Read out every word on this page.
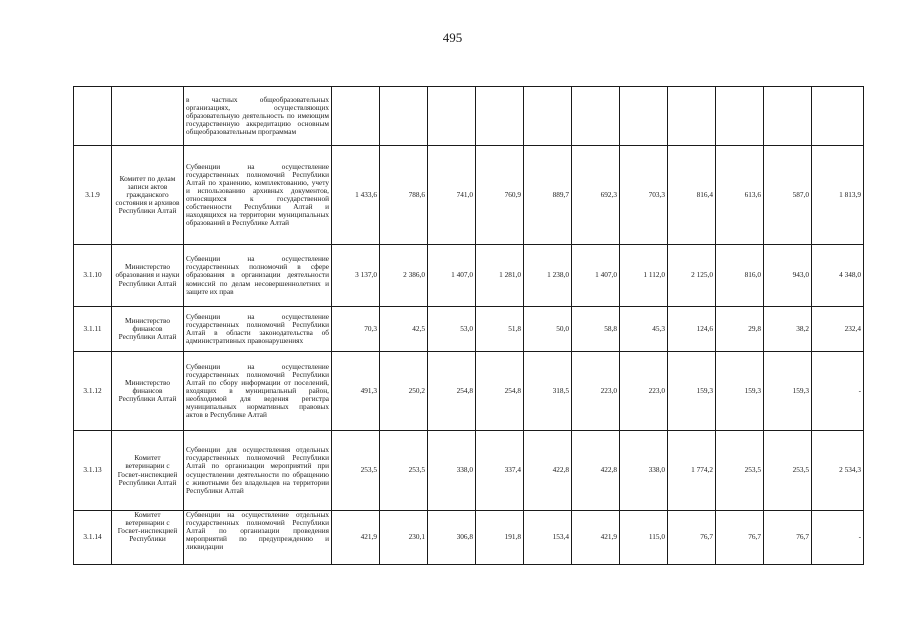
495
		в частных общеобразовательных организациях, осуществляющих образовательную деятельность по имеющим государственную аккредитацию основным общеобразовательным программам											
3.1.9	Комитет по делам записи актов гражданского состояния и архивов Республики Алтай	Субвенции на осуществление государственных полномочий Республики Алтай по хранению, комплектованию, учету и использованию архивных документов, относящихся к государственной собственности Республики Алтай и находящихся на территории муниципальных образований в Республике Алтай	1 433,6	788,6	741,0	760,9	889,7	692,3	703,3	816,4	613,6	587,0	1 813,9
3.1.10	Министерство образования и науки Республики Алтай	Субвенции на осуществление государственных полномочий в сфере образования в организации деятельности комиссий по делам несовершеннолетних и защите их прав	3 137,0	2 386,0	1 407,0	1 281,0	1 238,0	1 407,0	1 112,0	2 125,0	816,0	943,0	4 348,0
3.1.11	Министерство финансов Республики Алтай	Субвенции на осуществление государственных полномочий Республики Алтай в области законодательства об административных правонарушениях	70,3	42,5	53,0	51,8	50,0	58,8	45,3	124,6	29,8	38,2	232,4
3.1.12	Министерство финансов Республики Алтай	Субвенции на осуществление государственных полномочий Республики Алтай по сбору информации от поселений, входящих в муниципальный район, необходимой для ведения регистра муниципальных нормативных правовых актов в Республике Алтай	491,3	250,2	254,8	254,8	318,5	223,0	223,0	159,3	159,3	159,3	-
3.1.13	Комитет ветеринарии с Госвет-инспекцией Республики Алтай	Субвенции для осуществления отдельных государственных полномочий Республики Алтай по организации мероприятий при осуществлении деятельности по обращению с животными без владельцев на территории Республики Алтай	253,5	253,5	338,0	337,4	422,8	422,8	338,0	1 774,2	253,5	253,5	2 534,3
3.1.14	Комитет ветеринарии с Госвет-инспекцией Республики	Субвенции на осуществление отдельных государственных полномочий Республики Алтай по организации проведения мероприятий по предупреждению и ликвидации	421,9	230,1	306,8	191,8	153,4	421,9	115,0	76,7	76,7	76,7	-
